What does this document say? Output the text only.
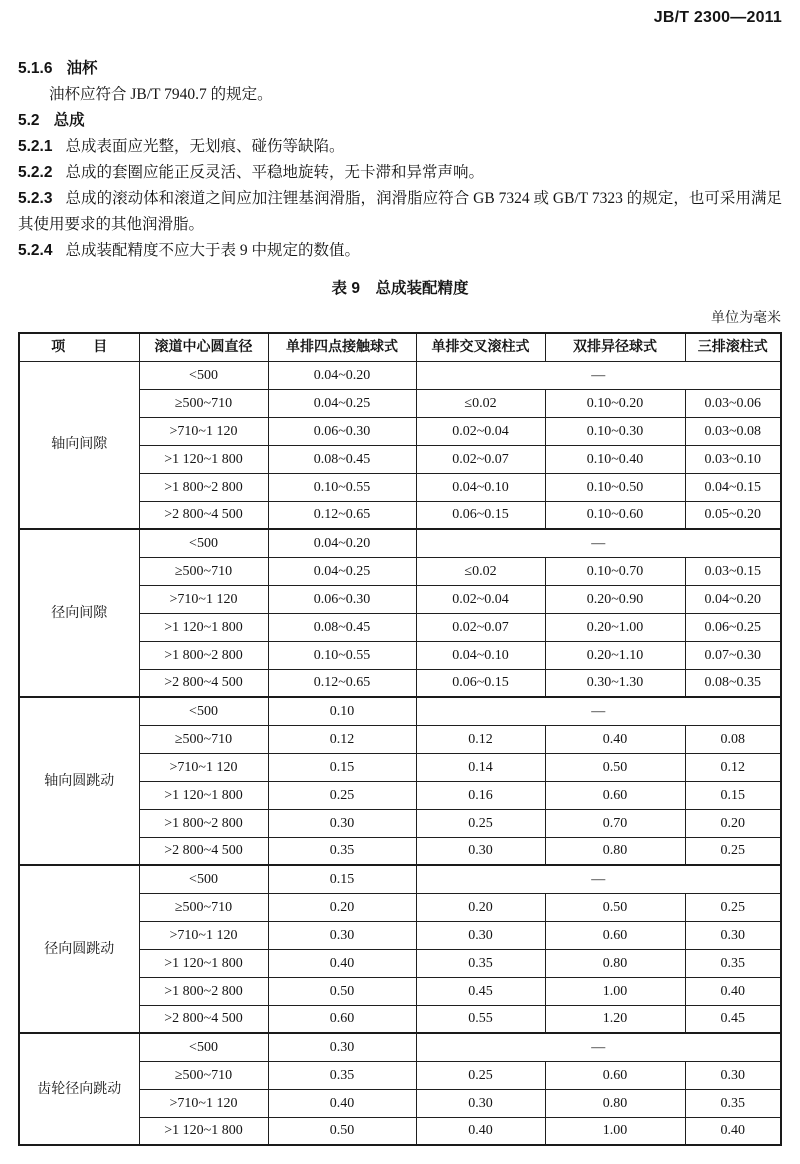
JB/T 2300—2011

5.1.6 油杯

油杯应符合 JB/T 7940.7 的规定。

5.2 总成

5.2.1 总成表面应光整，无划痕、碰伤等缺陷。

5.2.2 总成的套圈应能正反灵活、平稳地旋转，无卡滞和异常声响。

5.2.3 总成的滚动体和滚道之间应加注锂基润滑脂，润滑脂应符合 GB 7324 或 GB/T 7323 的规定，也可采用满足其使用要求的其他润滑脂。

5.2.4 总成装配精度不应大于表 9 中规定的数值。

表 9　总成装配精度
单位为毫米
项　　目	滚道中心圆直径	单排四点接触球式	单排交叉滚柱式	双排异径球式	三排滚柱式
轴向间隙	<500	0.04~0.20	—		
	≥500~710	0.04~0.25	≤0.02	0.10~0.20	0.03~0.06
	>710~1 120	0.06~0.30	0.02~0.04	0.10~0.30	0.03~0.08
	>1 120~1 800	0.08~0.45	0.02~0.07	0.10~0.40	0.03~0.10
	>1 800~2 800	0.10~0.55	0.04~0.10	0.10~0.50	0.04~0.15
	>2 800~4 500	0.12~0.65	0.06~0.15	0.10~0.60	0.05~0.20
径向间隙	<500	0.04~0.20	—		
	≥500~710	0.04~0.25	≤0.02	0.10~0.70	0.03~0.15
	>710~1 120	0.06~0.30	0.02~0.04	0.20~0.90	0.04~0.20
	>1 120~1 800	0.08~0.45	0.02~0.07	0.20~1.00	0.06~0.25
	>1 800~2 800	0.10~0.55	0.04~0.10	0.20~1.10	0.07~0.30
	>2 800~4 500	0.12~0.65	0.06~0.15	0.30~1.30	0.08~0.35
轴向圆跳动	<500	0.10	—		
	≥500~710	0.12	0.12	0.40	0.08
	>710~1 120	0.15	0.14	0.50	0.12
	>1 120~1 800	0.25	0.16	0.60	0.15
	>1 800~2 800	0.30	0.25	0.70	0.20
	>2 800~4 500	0.35	0.30	0.80	0.25
径向圆跳动	<500	0.15	—		
	≥500~710	0.20	0.20	0.50	0.25
	>710~1 120	0.30	0.30	0.60	0.30
	>1 120~1 800	0.40	0.35	0.80	0.35
	>1 800~2 800	0.50	0.45	1.00	0.40
	>2 800~4 500	0.60	0.55	1.20	0.45
齿轮径向跳动	<500	0.30	—		
	≥500~710	0.35	0.25	0.60	0.30
	>710~1 120	0.40	0.30	0.80	0.35
	>1 120~1 800	0.50	0.40	1.00	0.40
